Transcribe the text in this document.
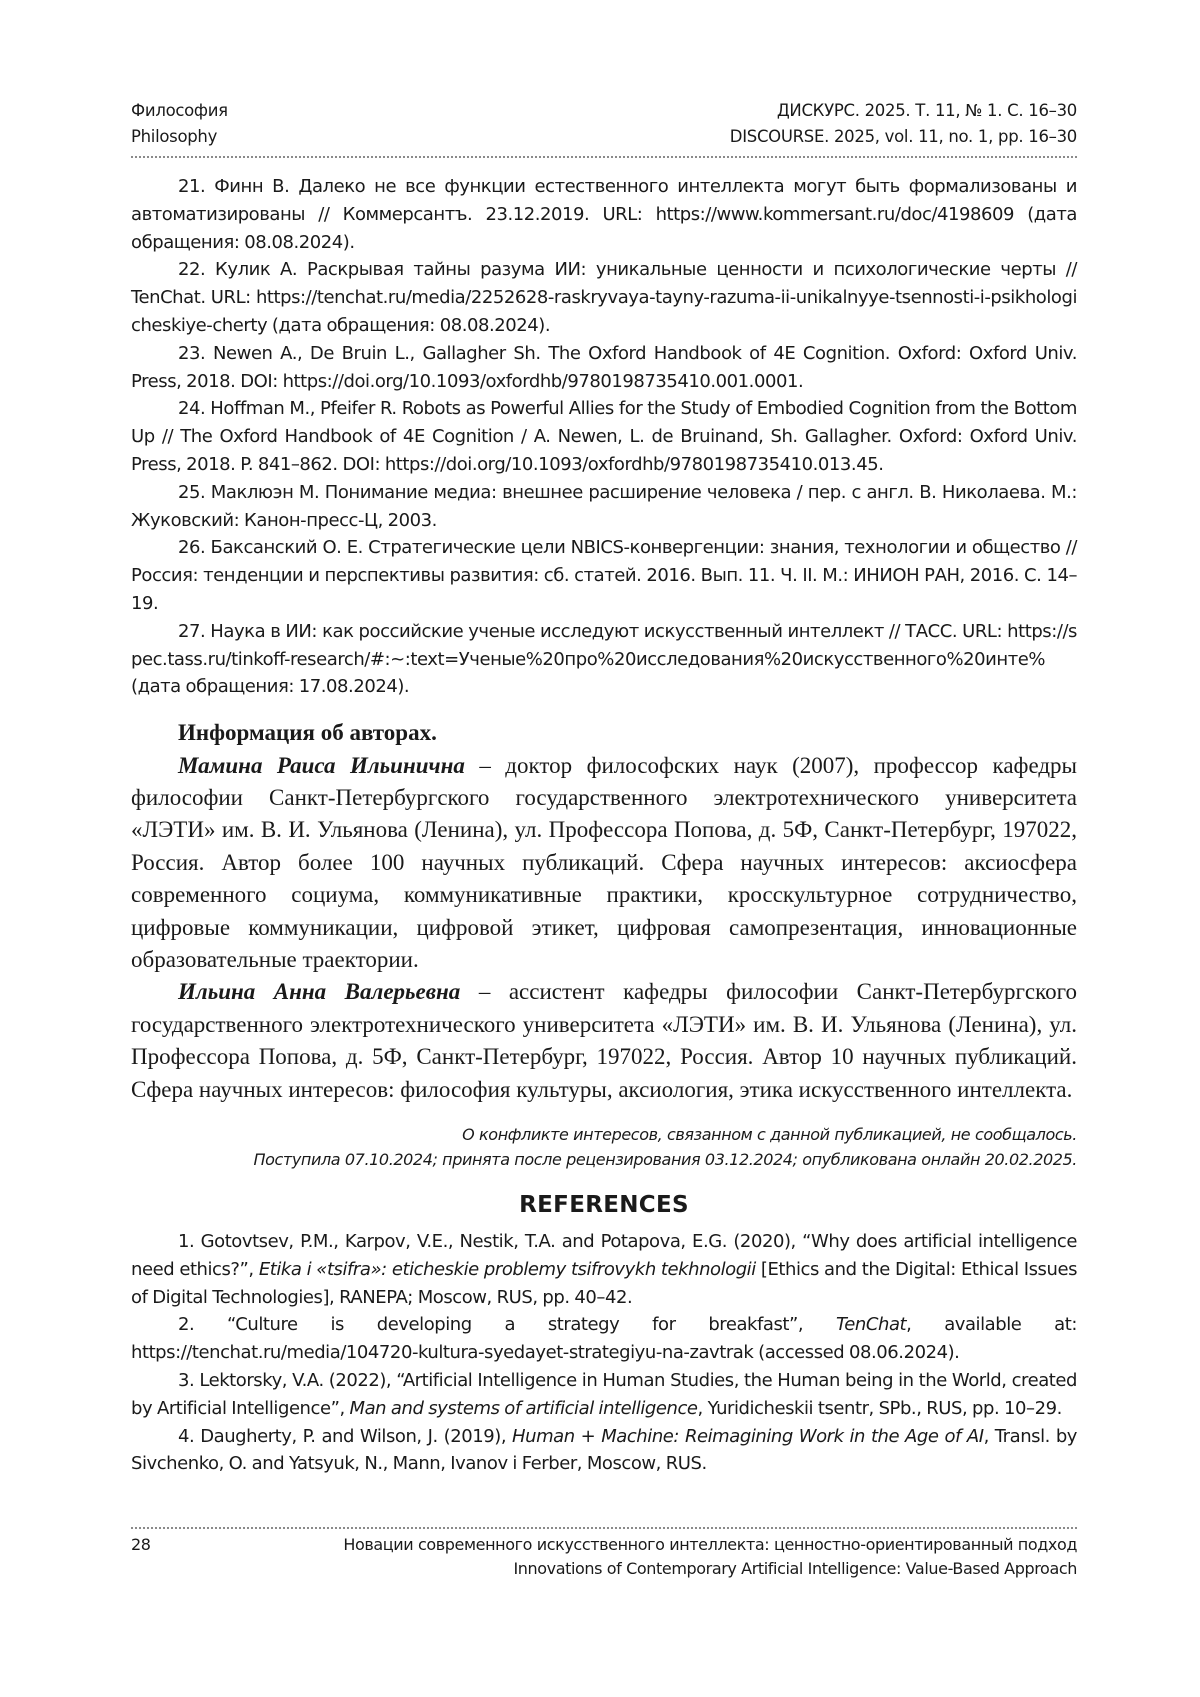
Философия
Philosophy
ДИСКУРС. 2025. Т. 11, № 1. С. 16–30
DISCOURSE. 2025, vol. 11, no. 1, pp. 16–30

21. Финн В. Далеко не все функции естественного интеллекта могут быть формализованы и автоматизированы // Коммерсантъ. 23.12.2019. URL: https://www.kommersant.ru/doc/4198609 (дата обращения: 08.08.2024).

22. Кулик А. Раскрывая тайны разума ИИ: уникальные ценности и психологические черты // TenChat. URL: https://tenchat.ru/media/2252628-raskryvaya-tayny-razuma-ii-unikalnyye-tsennosti-i-psikhologicheskiye-cherty (дата обращения: 08.08.2024).

23. Newen A., De Bruin L., Gallagher Sh. The Oxford Handbook of 4E Cognition. Oxford: Oxford Univ. Press, 2018. DOI: https://doi.org/10.1093/oxfordhb/9780198735410.001.0001.

24. Hoffman M., Pfeifer R. Robots as Powerful Allies for the Study of Embodied Cognition from the Bottom Up // The Oxford Handbook of 4E Cognition / A. Newen, L. de Bruinand, Sh. Gallagher. Oxford: Oxford Univ. Press, 2018. P. 841–862. DOI: https://doi.org/10.1093/oxfordhb/9780198735410.013.45.

25. Маклюэн М. Понимание медиа: внешнее расширение человека / пер. с англ. В. Николаева. М.: Жуковский: Канон-пресс-Ц, 2003.

26. Баксанский О. Е. Стратегические цели NBICS-конвергенции: знания, технологии и общество // Россия: тенденции и перспективы развития: сб. статей. 2016. Вып. 11. Ч. II. М.: ИНИОН РАН, 2016. С. 14–19.

27. Наука в ИИ: как российские ученые исследуют искусственный интеллект // ТАСС. URL: https://spec.tass.ru/tinkoff-research/#:~:text=Ученые%20про%20исследования%20искусственного%20инте% (дата обращения: 17.08.2024).

Информация об авторах.

Мамина Раиса Ильинична – доктор философских наук (2007), профессор кафедры философии Санкт-Петербургского государственного электротехнического университета «ЛЭТИ» им. В. И. Ульянова (Ленина), ул. Профессора Попова, д. 5Ф, Санкт-Петербург, 197022, Россия. Автор более 100 научных публикаций. Сфера научных интересов: аксиосфера современного социума, коммуникативные практики, кросскультурное сотрудничество, цифровые коммуникации, цифровой этикет, цифровая самопрезентация, инновационные образовательные траектории.

Ильина Анна Валерьевна – ассистент кафедры философии Санкт-Петербургского государственного электротехнического университета «ЛЭТИ» им. В. И. Ульянова (Ленина), ул. Профессора Попова, д. 5Ф, Санкт-Петербург, 197022, Россия. Автор 10 научных публикаций. Сфера научных интересов: философия культуры, аксиология, этика искусственного интеллекта.

О конфликте интересов, связанном с данной публикацией, не сообщалось.
Поступила 07.10.2024; принята после рецензирования 03.12.2024; опубликована онлайн 20.02.2025.
REFERENCES

1. Gotovtsev, P.M., Karpov, V.E., Nestik, T.A. and Potapova, E.G. (2020), “Why does artificial intelligence need ethics?”, Etika i «tsifra»: eticheskie problemy tsifrovykh tekhnologii [Ethics and the Digital: Ethical Issues of Digital Technologies], RANEPA; Moscow, RUS, pp. 40–42.

2. “Culture is developing a strategy for breakfast”, TenChat, available at: https://tenchat.ru/media/104720-kultura-syedayet-strategiyu-na-zavtrak (accessed 08.06.2024).

3. Lektorsky, V.A. (2022), “Artificial Intelligence in Human Studies, the Human being in the World, created by Artificial Intelligence”, Man and systems of artificial intelligence, Yuridicheskii tsentr, SPb., RUS, pp. 10–29.

4. Daugherty, P. and Wilson, J. (2019), Human + Machine: Reimagining Work in the Age of AI, Transl. by Sivchenko, O. and Yatsyuk, N., Mann, Ivanov i Ferber, Moscow, RUS.

28	Новации современного искусственного интеллекта: ценностно-ориентированный подход
Innovations of Contemporary Artificial Intelligence: Value-Based Approach
